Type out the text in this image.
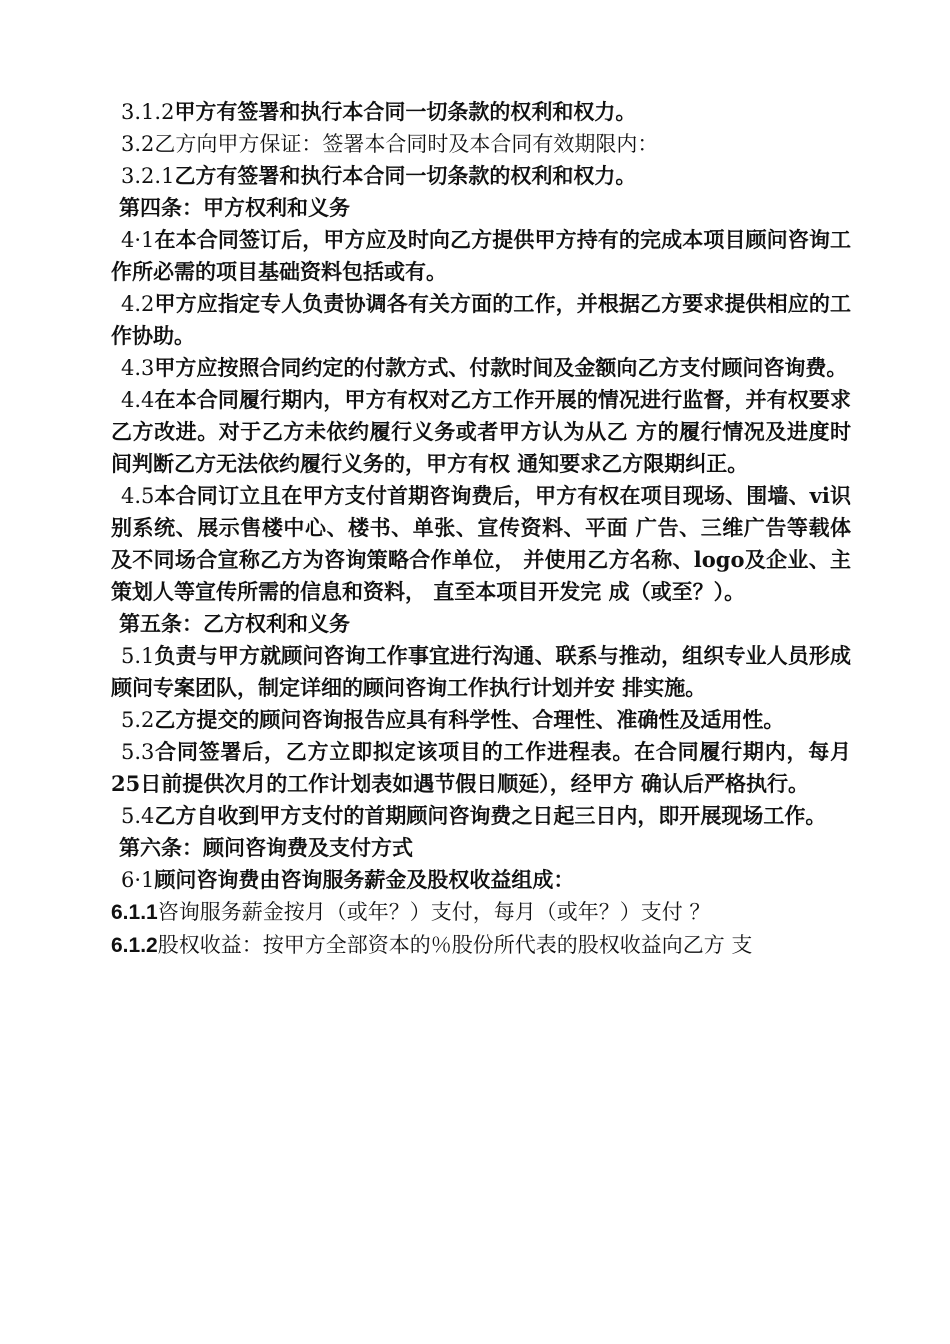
3.1.2甲方有签署和执行本合同一切条款的权利和权力。

3.2乙方向甲方保证：签署本合同时及本合同有效期限内：

3.2.1乙方有签署和执行本合同一切条款的权利和权力。

第四条：甲方权利和义务

4·1在本合同签订后，甲方应及时向乙方提供甲方持有的完成本项目顾问咨询工作所必需的项目基础资料包括或有。

4.2甲方应指定专人负责协调各有关方面的工作，并根据乙方要求提供相应的工作协助。

4.3甲方应按照合同约定的付款方式、付款时间及金额向乙方支付顾问咨询费。

4.4在本合同履行期内，甲方有权对乙方工作开展的情况进行监督，并有权要求乙方改进。对于乙方未依约履行义务或者甲方认为从乙 方的履行情况及进度时间判断乙方无法依约履行义务的，甲方有权 通知要求乙方限期纠正。

4.5本合同订立且在甲方支付首期咨询费后，甲方有权在项目现场、围墙、vi识别系统、展示售楼中心、楼书、单张、宣传资料、平面 广告、三维广告等载体及不同场合宣称乙方为咨询策略合作单位， 并使用乙方名称、logo及企业、主策划人等宣传所需的信息和资料， 直至本项目开发完 成（或至？）。

第五条：乙方权利和义务

5.1负责与甲方就顾问咨询工作事宜进行沟通、联系与推动，组织专业人员形成顾问专案团队，制定详细的顾问咨询工作执行计划并安 排实施。

5.2乙方提交的顾问咨询报告应具有科学性、合理性、准确性及适用性。

5.3合同签署后，乙方立即拟定该项目的工作进程表。在合同履行期内，每月25日前提供次月的工作计划表如遇节假日顺延），经甲方 确认后严格执行。

5.4乙方自收到甲方支付的首期顾问咨询费之日起三日内，即开展现场工作。

第六条：顾问咨询费及支付方式

6·1顾问咨询费由咨询服务薪金及股权收益组成：

6.1.1咨询服务薪金按月（或年？）支付，每月（或年？）支付 ？

6.1.2股权收益：按甲方全部资本的％股份所代表的股权收益向乙方 支
